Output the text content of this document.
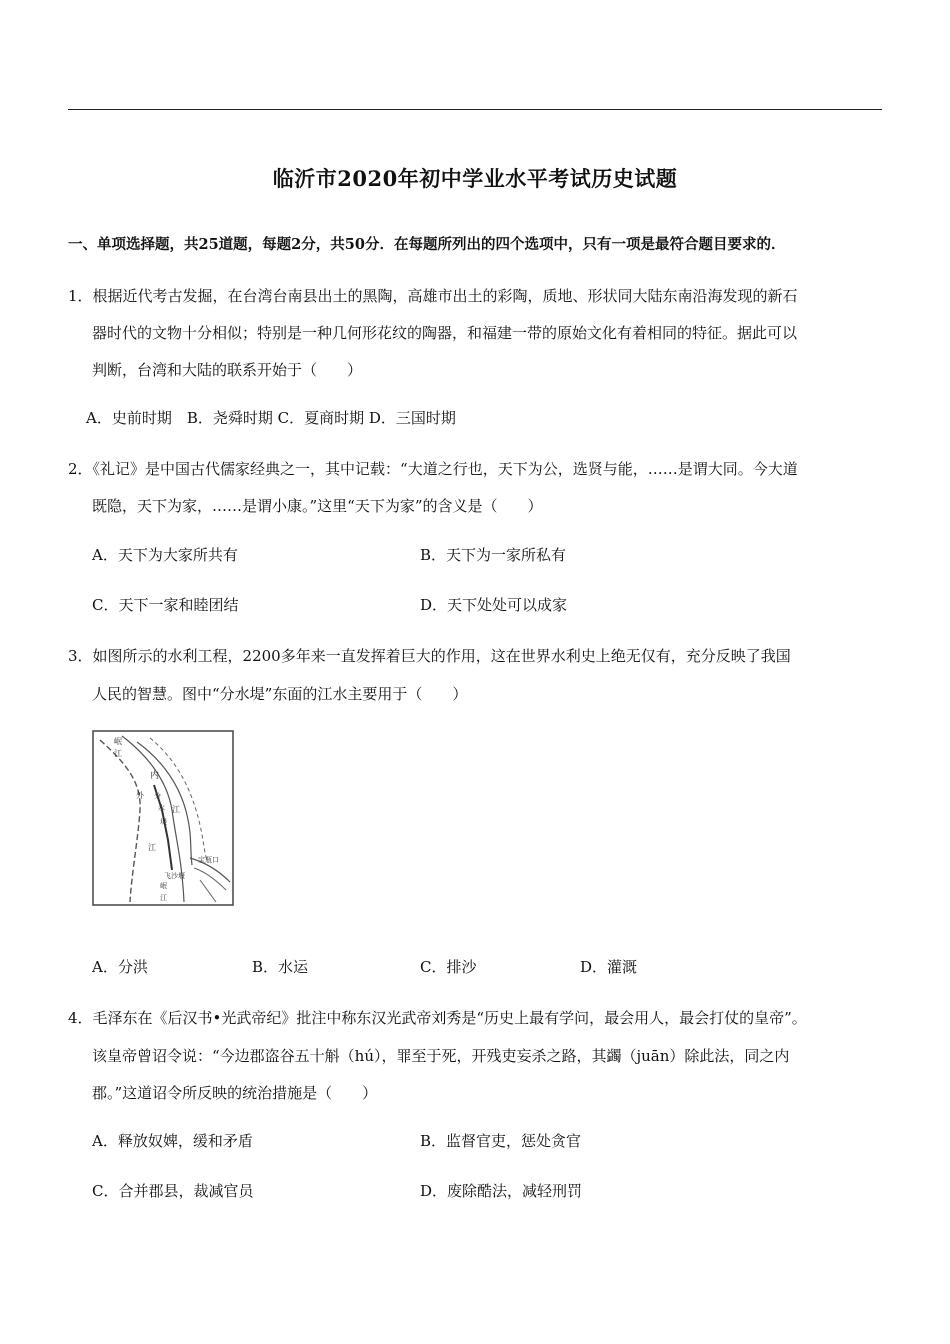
临沂市2020年初中学业水平考试历史试题
一、单项选择题，共25道题，每题2分，共50分．在每题所列出的四个选项中，只有一项是最符合题目要求的．
1．根据近代考古发掘，在台湾台南县出土的黑陶，高雄市出土的彩陶，质地、形状同大陆东南沿海发现的新石
器时代的文物十分相似；特别是一种几何形花纹的陶器，和福建一带的原始文化有着相同的特征。据此可以
判断，台湾和大陆的联系开始于（　　）
A．史前时期　B．尧舜时期 C．夏商时期 D．三国时期
2．《礼记》是中国古代儒家经典之一，其中记载：“大道之行也，天下为公，选贤与能，……是谓大同。今大道
既隐，天下为家，……是谓小康。”这里“天下为家”的含义是（　　）
A．天下为大家所共有	B．天下为一家所私有
C．天下一家和睦团结	D．天下处处可以成家
3．如图所示的水利工程，2200多年来一直发挥着巨大的作用，这在世界水利史上绝无仅有，充分反映了我国
人民的智慧。图中“分水堤”东面的江水主要用于（　　）
岷
江
内
外 分
水 江
堤
江
宝瓶口
飞沙堰
岷
江
A．分洪	B．水运	C．排沙	D．灌溉
4．毛泽东在《后汉书•光武帝纪》批注中称东汉光武帝刘秀是“历史上最有学问，最会用人，最会打仗的皇帝”。
该皇帝曾诏令说：“今边郡盗谷五十斛（hú），罪至于死，开残吏妄杀之路，其蠲（juān）除此法，同之内
郡。”这道诏令所反映的统治措施是（　　）
A．释放奴婢，缓和矛盾	B．监督官吏，惩处贪官
C．合并郡县，裁减官员	D．废除酷法，减轻刑罚
